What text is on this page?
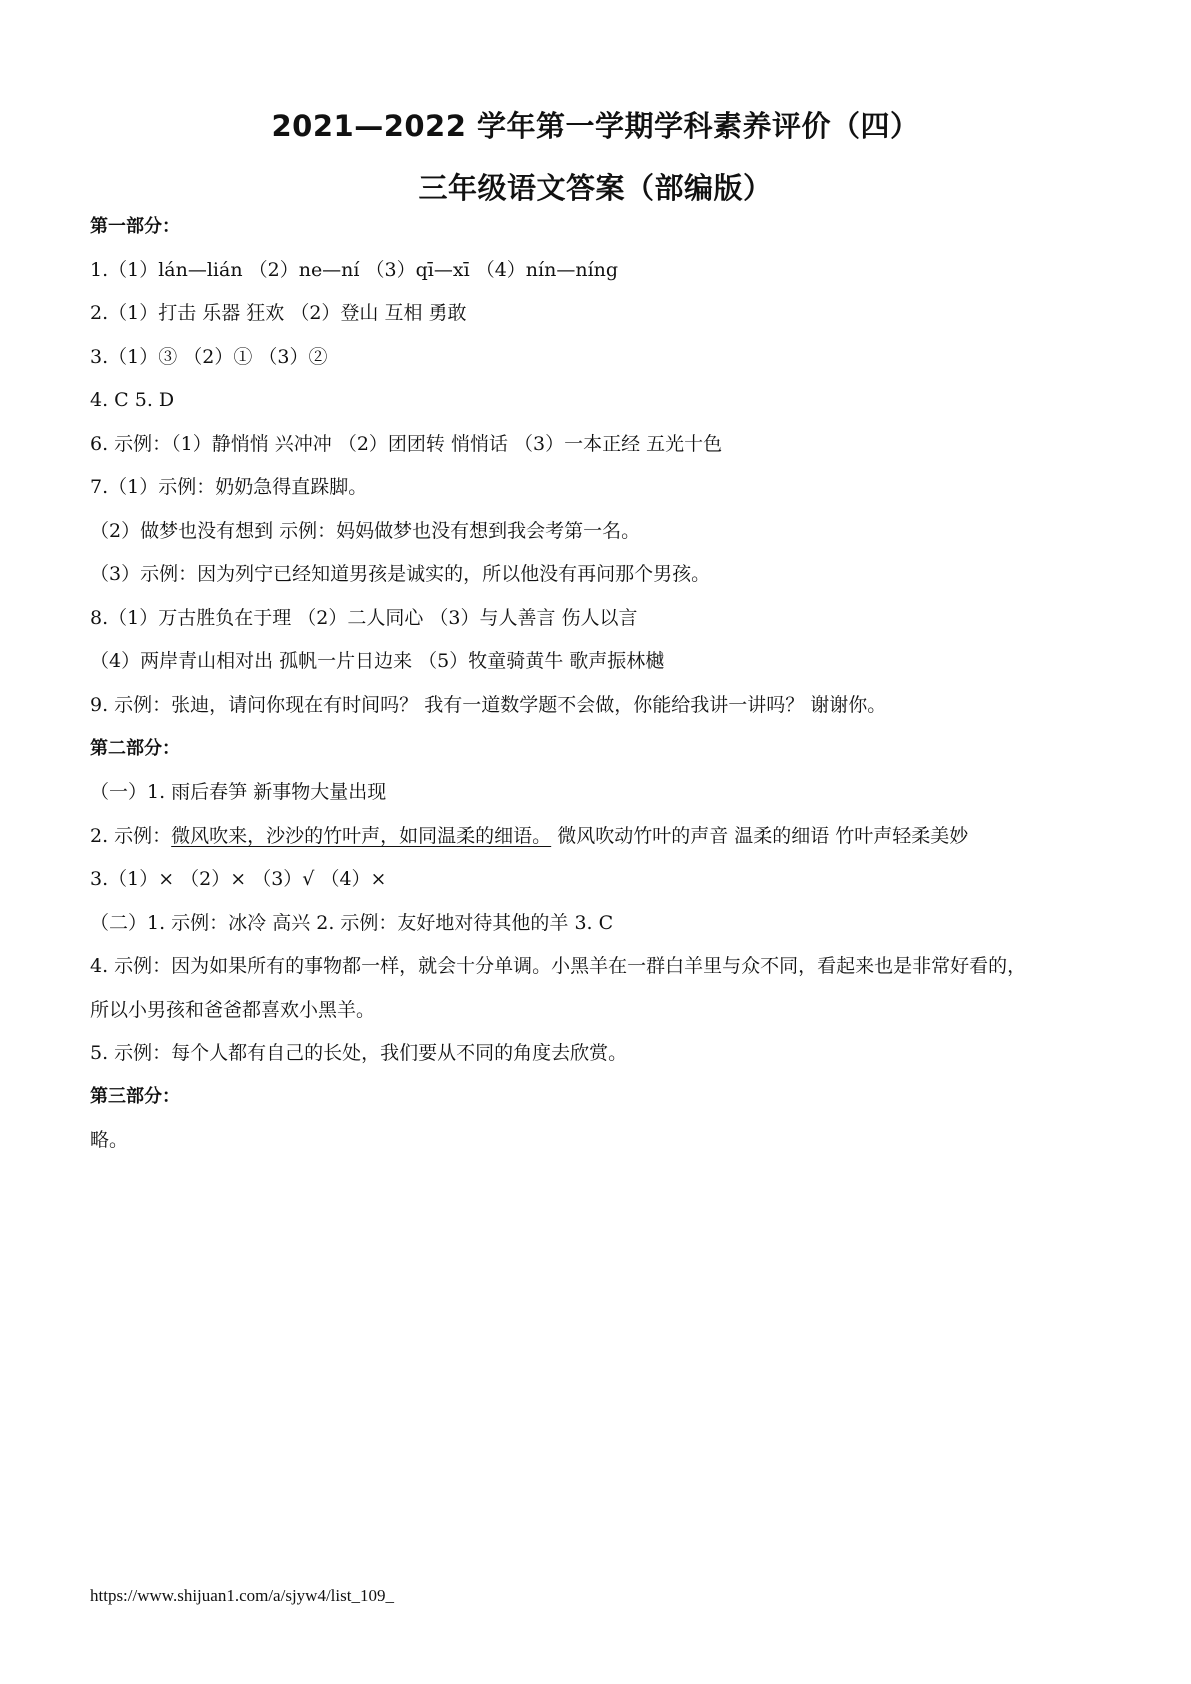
2021—2022 学年第一学期学科素养评价（四）
三年级语文答案（部编版）
第一部分：
1.（1）lán—lián （2）ne—ní （3）qī—xī （4）nín—níng
2.（1）打击 乐器 狂欢 （2）登山 互相 勇敢
3.（1）③ （2）① （3）②
4. C 5. D
6. 示例：（1）静悄悄 兴冲冲 （2）团团转 悄悄话 （3）一本正经 五光十色
7.（1）示例：奶奶急得直跺脚。
（2）做梦也没有想到 示例：妈妈做梦也没有想到我会考第一名。
（3）示例：因为列宁已经知道男孩是诚实的，所以他没有再问那个男孩。
8.（1）万古胜负在于理 （2）二人同心 （3）与人善言 伤人以言
（4）两岸青山相对出 孤帆一片日边来 （5）牧童骑黄牛 歌声振林樾
9. 示例：张迪，请问你现在有时间吗？ 我有一道数学题不会做，你能给我讲一讲吗？ 谢谢你。
第二部分：
（一）1. 雨后春笋 新事物大量出现
2. 示例：微风吹来，沙沙的竹叶声，如同温柔的细语。 微风吹动竹叶的声音 温柔的细语 竹叶声轻柔美妙
3.（1）× （2）× （3）√ （4）×
（二）1. 示例：冰冷 高兴 2. 示例：友好地对待其他的羊 3. C
4. 示例：因为如果所有的事物都一样，就会十分单调。小黑羊在一群白羊里与众不同，看起来也是非常好看的，
所以小男孩和爸爸都喜欢小黑羊。
5. 示例：每个人都有自己的长处，我们要从不同的角度去欣赏。
第三部分：
略。
https://www.shijuan1.com/a/sjyw4/list_109_
